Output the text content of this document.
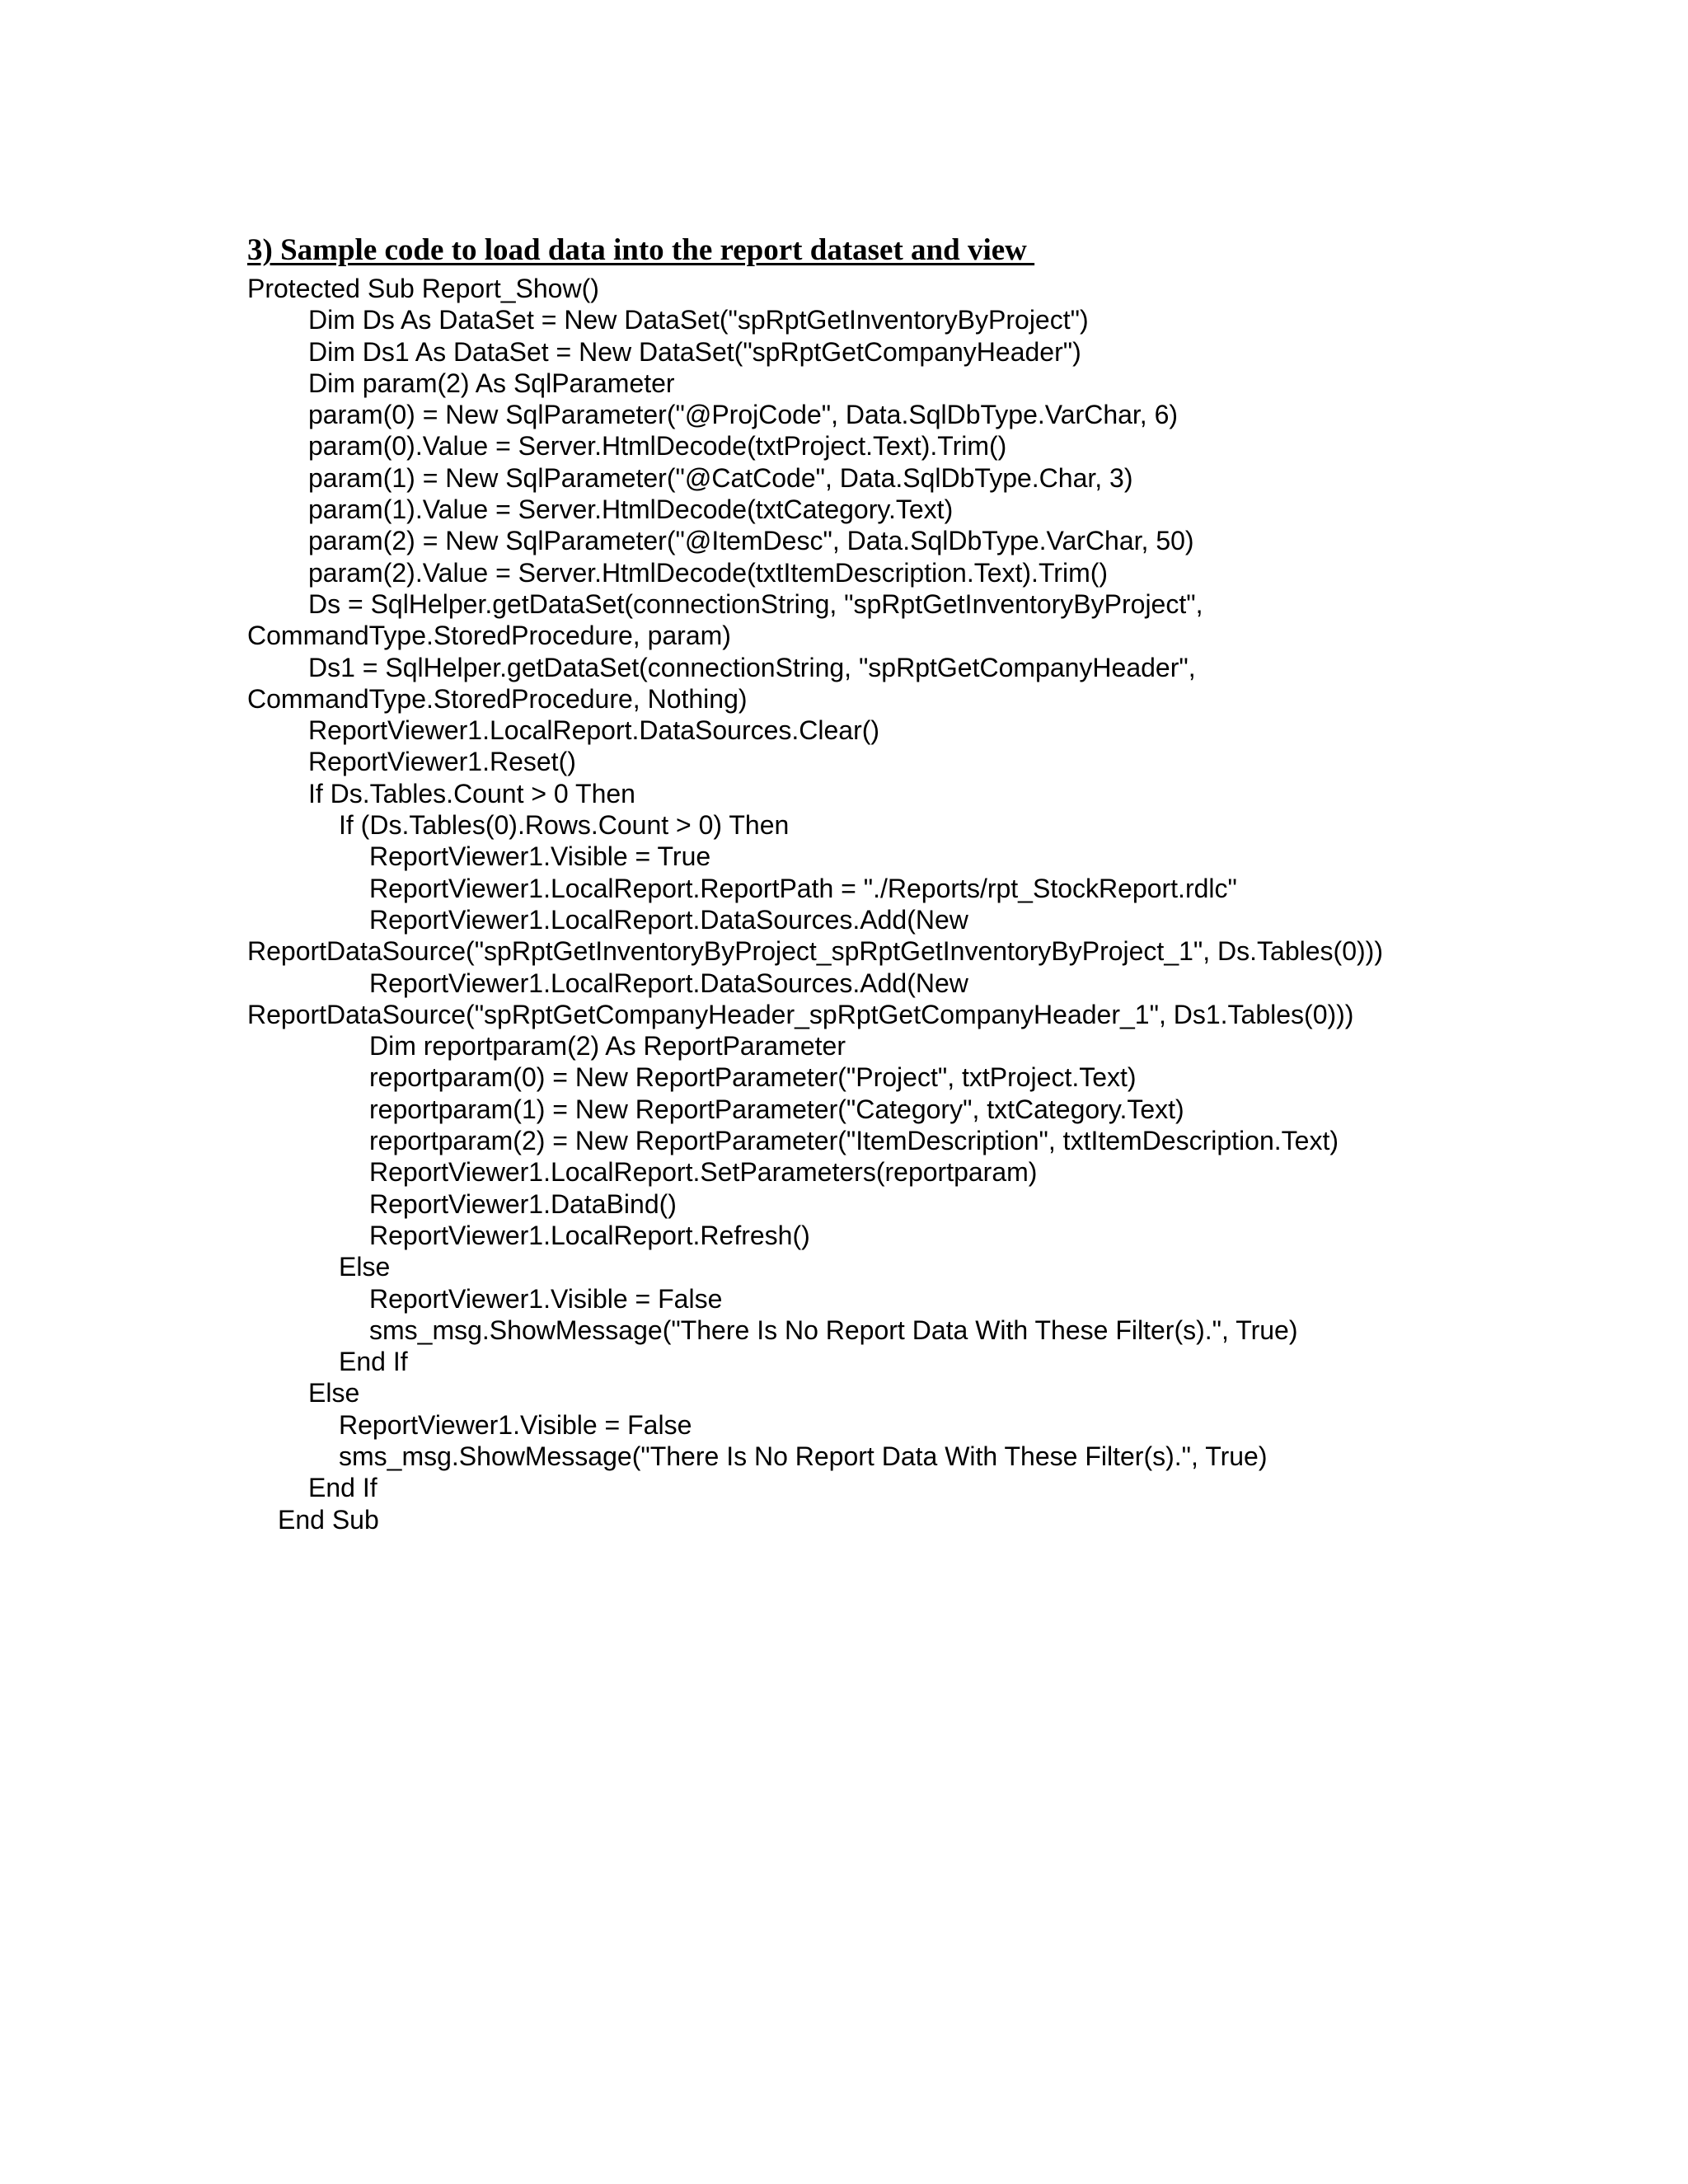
3) Sample code to load data into the report dataset and view
Protected Sub Report_Show()
Dim Ds As DataSet = New DataSet("spRptGetInventoryByProject")
Dim Ds1 As DataSet = New DataSet("spRptGetCompanyHeader")
Dim param(2) As SqlParameter
param(0) = New SqlParameter("@ProjCode", Data.SqlDbType.VarChar, 6)
param(0).Value = Server.HtmlDecode(txtProject.Text).Trim()
param(1) = New SqlParameter("@CatCode", Data.SqlDbType.Char, 3)
param(1).Value = Server.HtmlDecode(txtCategory.Text)
param(2) = New SqlParameter("@ItemDesc", Data.SqlDbType.VarChar, 50)
param(2).Value = Server.HtmlDecode(txtItemDescription.Text).Trim()
Ds = SqlHelper.getDataSet(connectionString, "spRptGetInventoryByProject",
CommandType.StoredProcedure, param)
Ds1 = SqlHelper.getDataSet(connectionString, "spRptGetCompanyHeader",
CommandType.StoredProcedure, Nothing)
ReportViewer1.LocalReport.DataSources.Clear()
ReportViewer1.Reset()
If Ds.Tables.Count > 0 Then
If (Ds.Tables(0).Rows.Count > 0) Then
ReportViewer1.Visible = True
ReportViewer1.LocalReport.ReportPath = "./Reports/rpt_StockReport.rdlc"
ReportViewer1.LocalReport.DataSources.Add(New
ReportDataSource("spRptGetInventoryByProject_spRptGetInventoryByProject_1", Ds.Tables(0)))
ReportViewer1.LocalReport.DataSources.Add(New
ReportDataSource("spRptGetCompanyHeader_spRptGetCompanyHeader_1", Ds1.Tables(0)))
Dim reportparam(2) As ReportParameter
reportparam(0) = New ReportParameter("Project", txtProject.Text)
reportparam(1) = New ReportParameter("Category", txtCategory.Text)
reportparam(2) = New ReportParameter("ItemDescription", txtItemDescription.Text)
ReportViewer1.LocalReport.SetParameters(reportparam)
ReportViewer1.DataBind()
ReportViewer1.LocalReport.Refresh()
Else
ReportViewer1.Visible = False
sms_msg.ShowMessage("There Is No Report Data With These Filter(s).", True)
End If
Else
ReportViewer1.Visible = False
sms_msg.ShowMessage("There Is No Report Data With These Filter(s).", True)
End If
End Sub
